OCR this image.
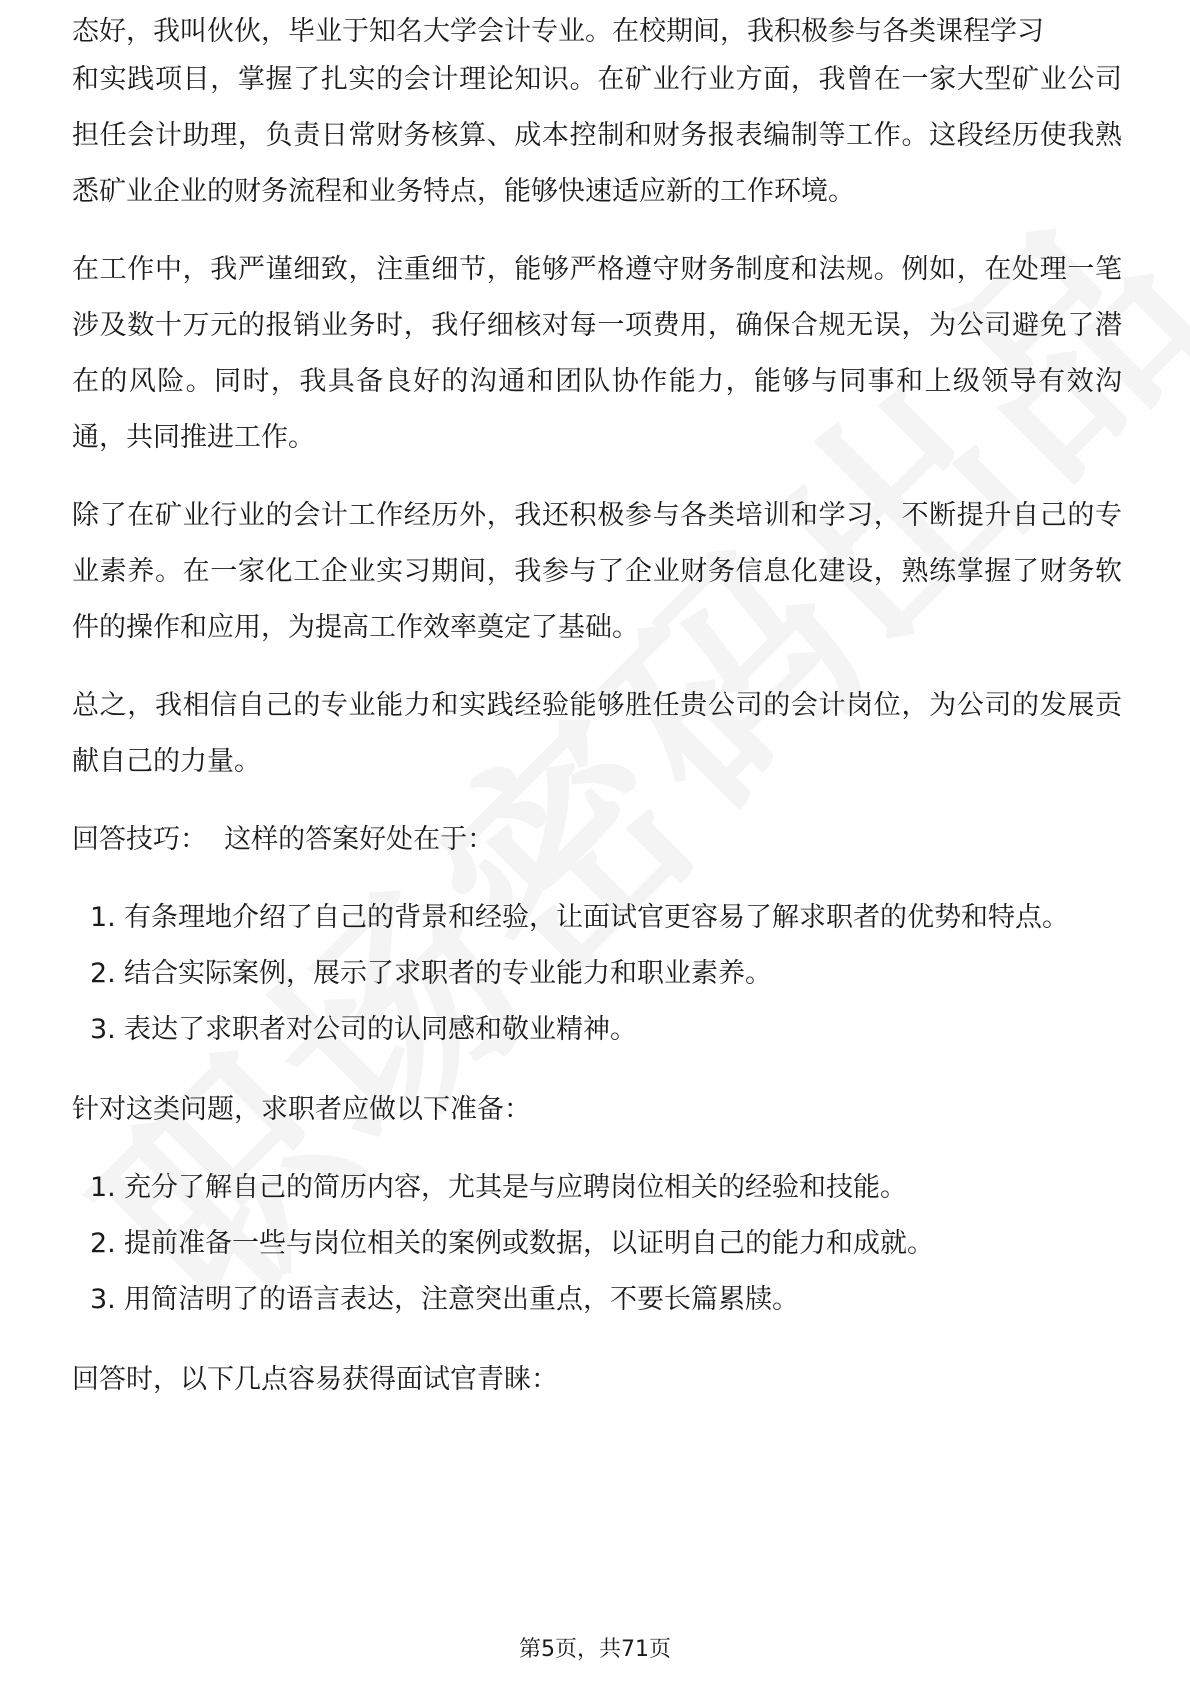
态好，我叫伙伙，毕业于知名大学会计专业。在校期间，我积极参与各类课程学习

和实践项目，掌握了扎实的会计理论知识。在矿业行业方面，我曾在一家大型矿业公司担任会计助理，负责日常财务核算、成本控制和财务报表编制等工作。这段经历使我熟悉矿业企业的财务流程和业务特点，能够快速适应新的工作环境。

在工作中，我严谨细致，注重细节，能够严格遵守财务制度和法规。例如，在处理一笔涉及数十万元的报销业务时，我仔细核对每一项费用，确保合规无误，为公司避免了潜在的风险。同时，我具备良好的沟通和团队协作能力，能够与同事和上级领导有效沟通，共同推进工作。

除了在矿业行业的会计工作经历外，我还积极参与各类培训和学习，不断提升自己的专业素养。在一家化工企业实习期间，我参与了企业财务信息化建设，熟练掌握了财务软件的操作和应用，为提高工作效率奠定了基础。

总之，我相信自己的专业能力和实践经验能够胜任贵公司的会计岗位，为公司的发展贡献自己的力量。

回答技巧：  这样的答案好处在于：

1. 有条理地介绍了自己的背景和经验，让面试官更容易了解求职者的优势和特点。
2. 结合实际案例，展示了求职者的专业能力和职业素养。
3. 表达了求职者对公司的认同感和敬业精神。

针对这类问题，求职者应做以下准备：

1. 充分了解自己的简历内容，尤其是与应聘岗位相关的经验和技能。
2. 提前准备一些与岗位相关的案例或数据，以证明自己的能力和成就。
3. 用简洁明了的语言表达，注意突出重点，不要长篇累牍。

回答时，以下几点容易获得面试官青睐：

第5页，共71页
